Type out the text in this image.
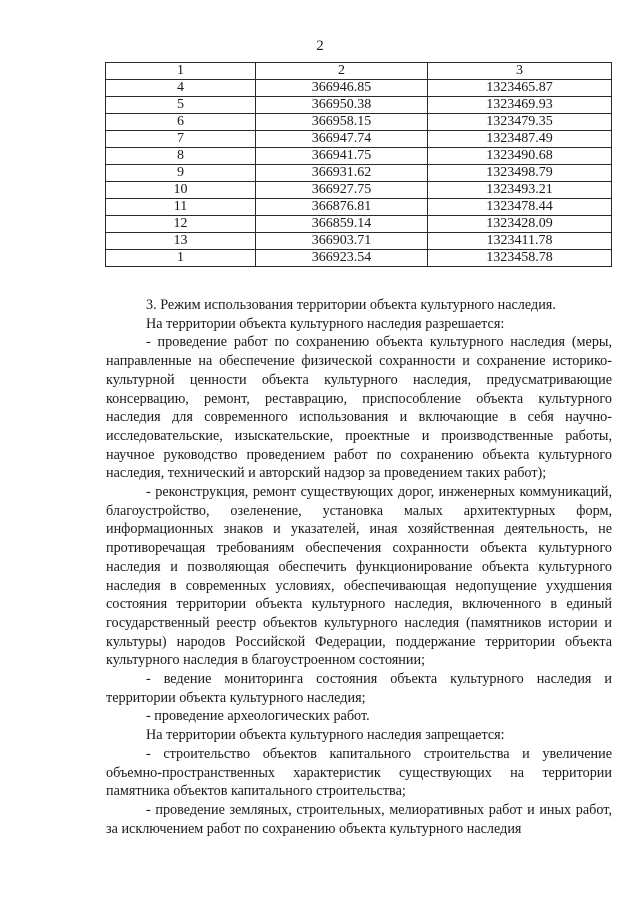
2
1	2	3
4	366946.85	1323465.87
5	366950.38	1323469.93
6	366958.15	1323479.35
7	366947.74	1323487.49
8	366941.75	1323490.68
9	366931.62	1323498.79
10	366927.75	1323493.21
11	366876.81	1323478.44
12	366859.14	1323428.09
13	366903.71	1323411.78
1	366923.54	1323458.78

3. Режим использования территории объекта культурного наследия.

На территории объекта культурного наследия разрешается:

- проведение работ по сохранению объекта культурного наследия (меры, направленные на обеспечение физической сохранности и сохранение историко-культурной ценности объекта культурного наследия, предусматривающие консервацию, ремонт, реставрацию, приспособление объекта культурного наследия для современного использования и включающие в себя научно-исследовательские, изыскательские, проектные и производственные работы, научное руководство проведением работ по сохранению объекта культурного наследия, технический и авторский надзор за проведением таких работ);

- реконструкция, ремонт существующих дорог, инженерных коммуникаций, благоустройство, озеленение, установка малых архитектурных форм, информационных знаков и указателей, иная хозяйственная деятельность, не противоречащая требованиям обеспечения сохранности объекта культурного наследия и позволяющая обеспечить функционирование объекта культурного наследия в современных условиях, обеспечивающая недопущение ухудшения состояния территории объекта культурного наследия, включенного в единый государственный реестр объектов культурного наследия (памятников истории и культуры) народов Российской Федерации, поддержание территории объекта культурного наследия в благоустроенном состоянии;

- ведение мониторинга состояния объекта культурного наследия и территории объекта культурного наследия;

- проведение археологических работ.

На территории объекта культурного наследия запрещается:

- строительство объектов капитального строительства и увеличение объемно-пространственных характеристик существующих на территории памятника объектов капитального строительства;

- проведение земляных, строительных, мелиоративных работ и иных работ, за исключением работ по сохранению объекта культурного наследия
